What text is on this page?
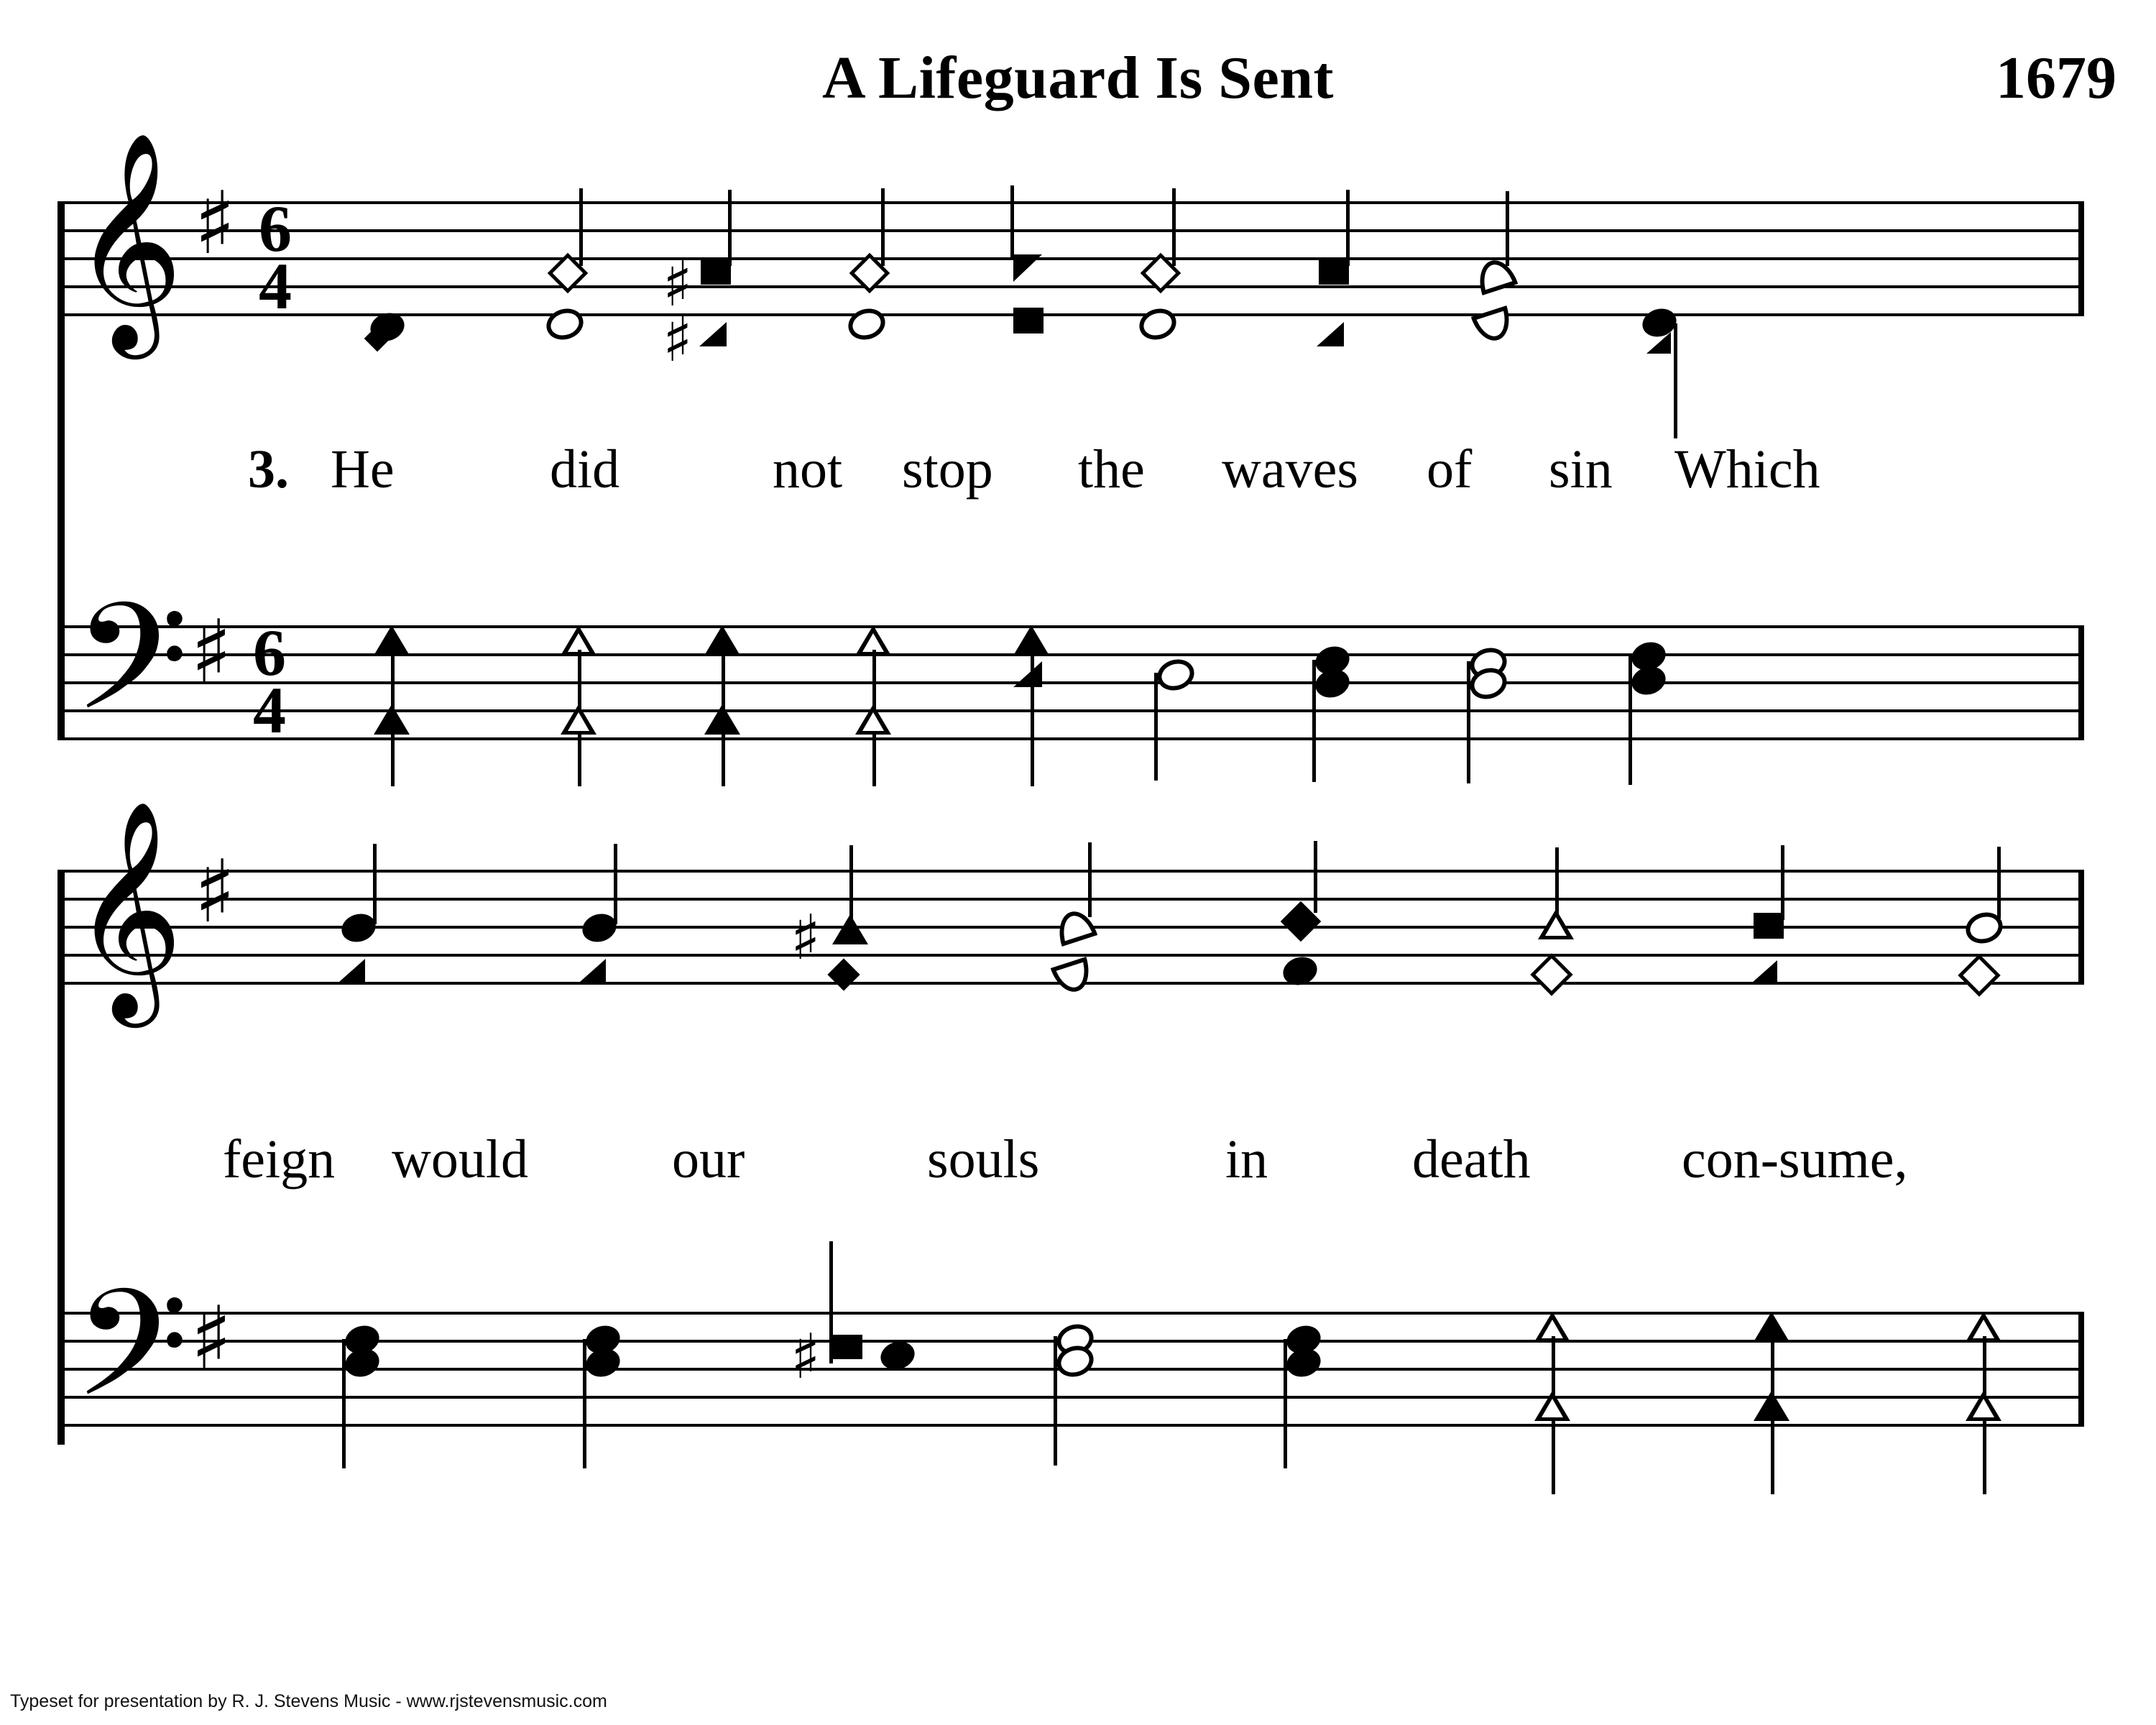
A Lifeguard Is Sent	1679
𝄞 ♯ 6
4	♯
♯
3. He	did	not stop the waves of sin Which
𝄢 ♯ 6
4
𝄞 ♯	♯
feign would	our	souls	in	death	con-sume,
𝄢 ♯	♯
Typeset for presentation by R. J. Stevens Music - www.rjstevensmusic.com
